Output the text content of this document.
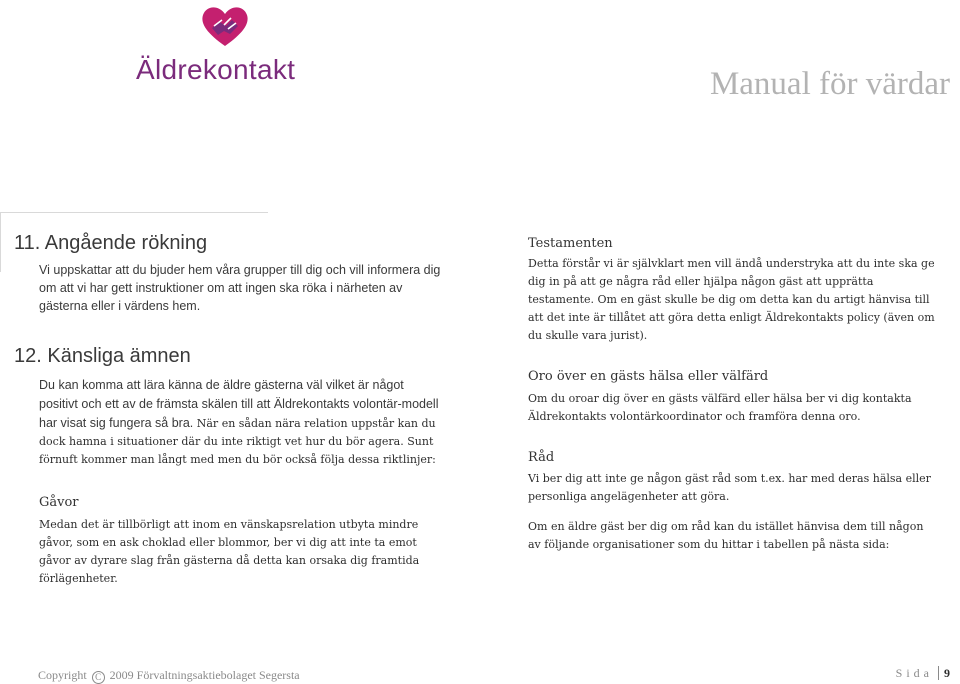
Äldrekontakt	Manual för värdar
11. Angående rökning

Vi uppskattar att du bjuder hem våra grupper till dig och vill informera dig om att vi har gett instruktioner om att ingen ska röka i närheten av gästerna eller i värdens hem.

12. Känsliga ämnen

Du kan komma att lära känna de äldre gästerna väl vilket är något positivt och ett av de främsta skälen till att Äldrekontakts volontär-modell har visat sig fungera så bra. När en sådan nära relation uppstår kan du dock hamna i situationer där du inte riktigt vet hur du bör agera. Sunt förnuft kommer man långt med men du bör också följa dessa riktlinjer:

Gåvor

Medan det är tillbörligt att inom en vänskapsrelation utbyta mindre gåvor, som en ask choklad eller blommor, ber vi dig att inte ta emot gåvor av dyrare slag från gästerna då detta kan orsaka dig framtida förlägenheter.

Testamenten

Detta förstår vi är självklart men vill ändå understryka att du inte ska ge dig in på att ge några råd eller hjälpa någon gäst att upprätta testamente. Om en gäst skulle be dig om detta kan du artigt hänvisa till att det inte är tillåtet att göra detta enligt Äldrekontakts policy (även om du skulle vara jurist).

Oro över en gästs hälsa eller välfärd

Om du oroar dig över en gästs välfärd eller hälsa ber vi dig kontakta Äldrekontakts volontärkoordinator och framföra denna oro.

Råd

Vi ber dig att inte ge någon gäst råd som t.ex. har med deras hälsa eller personliga angelägenheter att göra.

Om en äldre gäst ber dig om råd kan du istället hänvisa dem till någon av följande organisationer som du hittar i tabellen på nästa sida:

Copyright C 2009 Förvaltningsaktiebolaget Segersta	Sida 9
